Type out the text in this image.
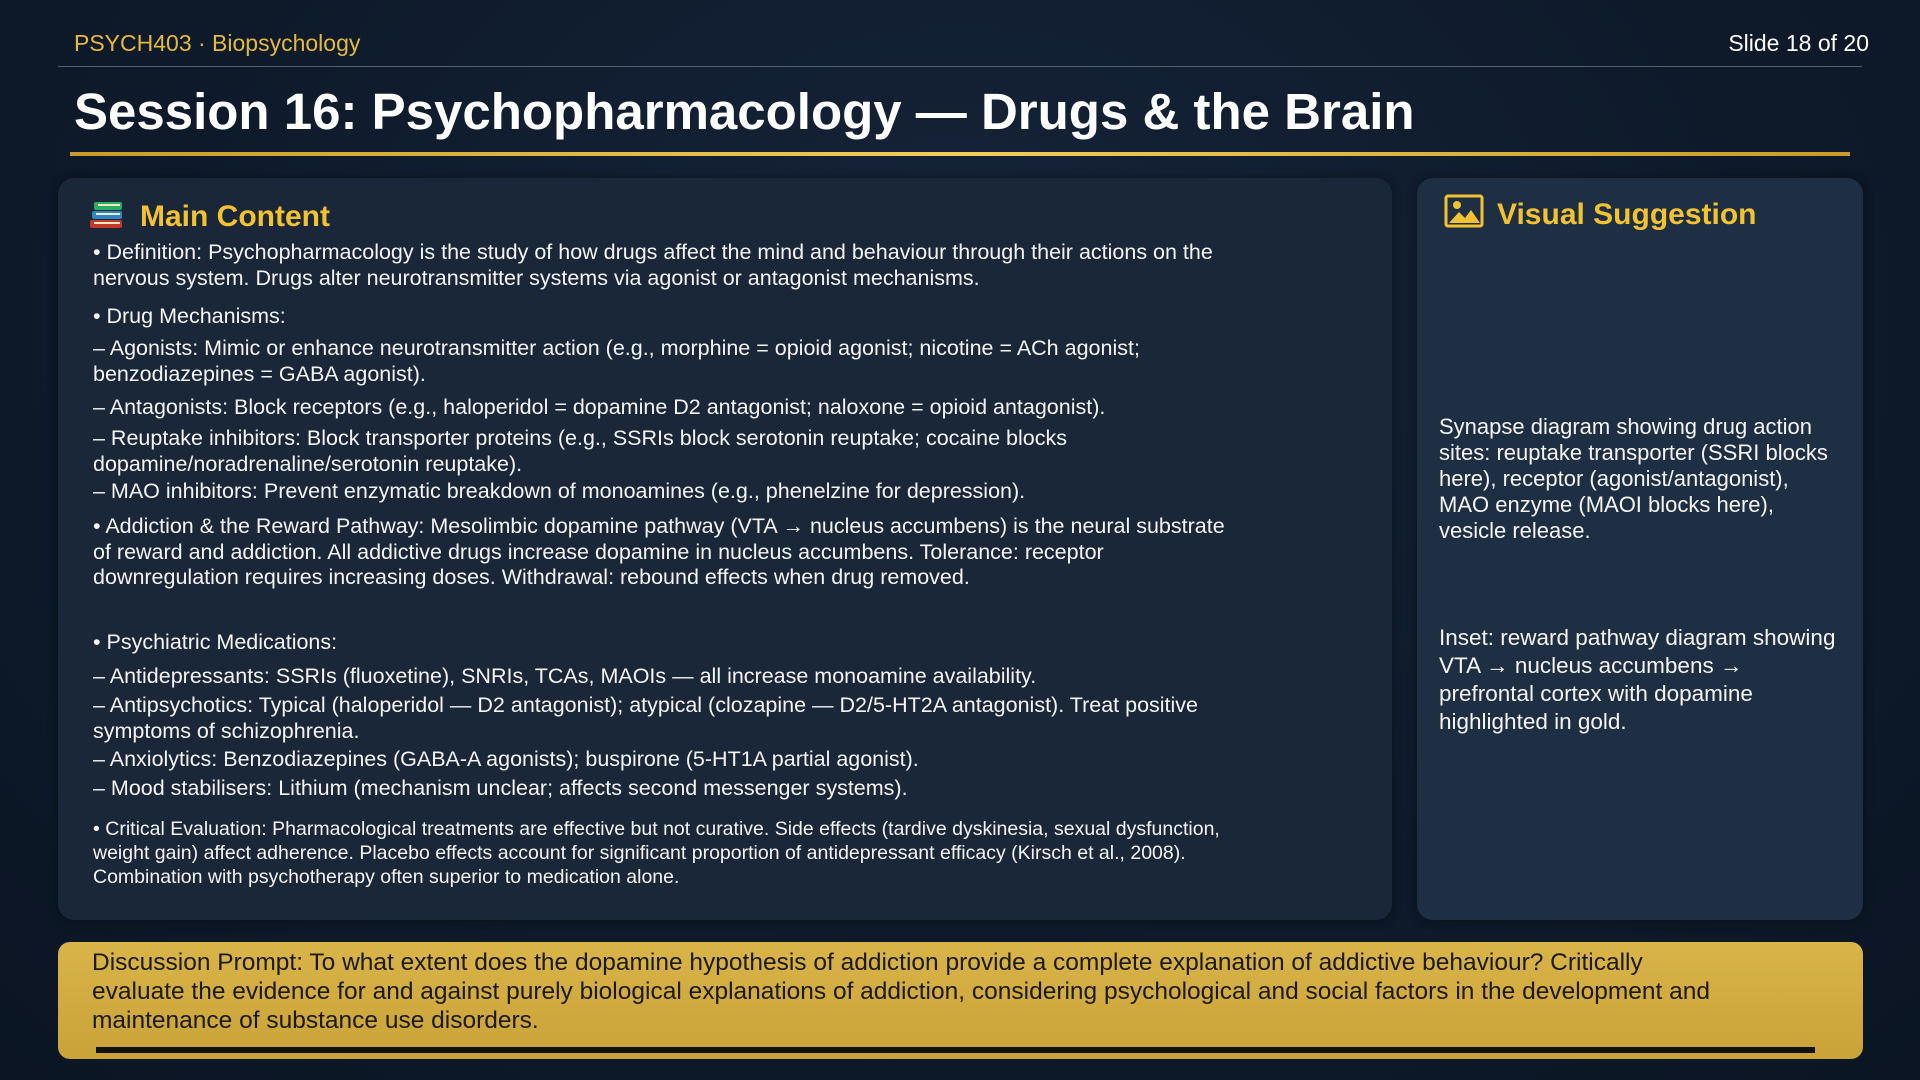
PSYCH403 · Biopsychology	Slide 18 of 20
Session 16: Psychopharmacology — Drugs & the Brain
Main Content
• Definition: Psychopharmacology is the study of how drugs affect the mind and behaviour through their actions on the nervous system. Drugs alter neurotransmitter systems via agonist or antagonist mechanisms.
• Drug Mechanisms:
– Agonists: Mimic or enhance neurotransmitter action (e.g., morphine = opioid agonist; nicotine = ACh agonist; benzodiazepines = GABA agonist).
– Antagonists: Block receptors (e.g., haloperidol = dopamine D2 antagonist; naloxone = opioid antagonist).
– Reuptake inhibitors: Block transporter proteins (e.g., SSRIs block serotonin reuptake; cocaine blocks dopamine/noradrenaline/serotonin reuptake).
– MAO inhibitors: Prevent enzymatic breakdown of monoamines (e.g., phenelzine for depression).
• Addiction & the Reward Pathway: Mesolimbic dopamine pathway (VTA → nucleus accumbens) is the neural substrate of reward and addiction. All addictive drugs increase dopamine in nucleus accumbens. Tolerance: receptor downregulation requires increasing doses. Withdrawal: rebound effects when drug removed.
• Psychiatric Medications:
– Antidepressants: SSRIs (fluoxetine), SNRIs, TCAs, MAOIs — all increase monoamine availability.
– Antipsychotics: Typical (haloperidol — D2 antagonist); atypical (clozapine — D2/5-HT2A antagonist). Treat positive symptoms of schizophrenia.
– Anxiolytics: Benzodiazepines (GABA-A agonists); buspirone (5-HT1A partial agonist).
– Mood stabilisers: Lithium (mechanism unclear; affects second messenger systems).
• Critical Evaluation: Pharmacological treatments are effective but not curative. Side effects (tardive dyskinesia, sexual dysfunction, weight gain) affect adherence. Placebo effects account for significant proportion of antidepressant efficacy (Kirsch et al., 2008). Combination with psychotherapy often superior to medication alone.
Visual Suggestion
Synapse diagram showing drug action sites: reuptake transporter (SSRI blocks here), receptor (agonist/antagonist), MAO enzyme (MAOI blocks here), vesicle release.
Inset: reward pathway diagram showing VTA → nucleus accumbens → prefrontal cortex with dopamine highlighted in gold.
Discussion Prompt: To what extent does the dopamine hypothesis of addiction provide a complete explanation of addictive behaviour? Critically evaluate the evidence for and against purely biological explanations of addiction, considering psychological and social factors in the development and maintenance of substance use disorders.
